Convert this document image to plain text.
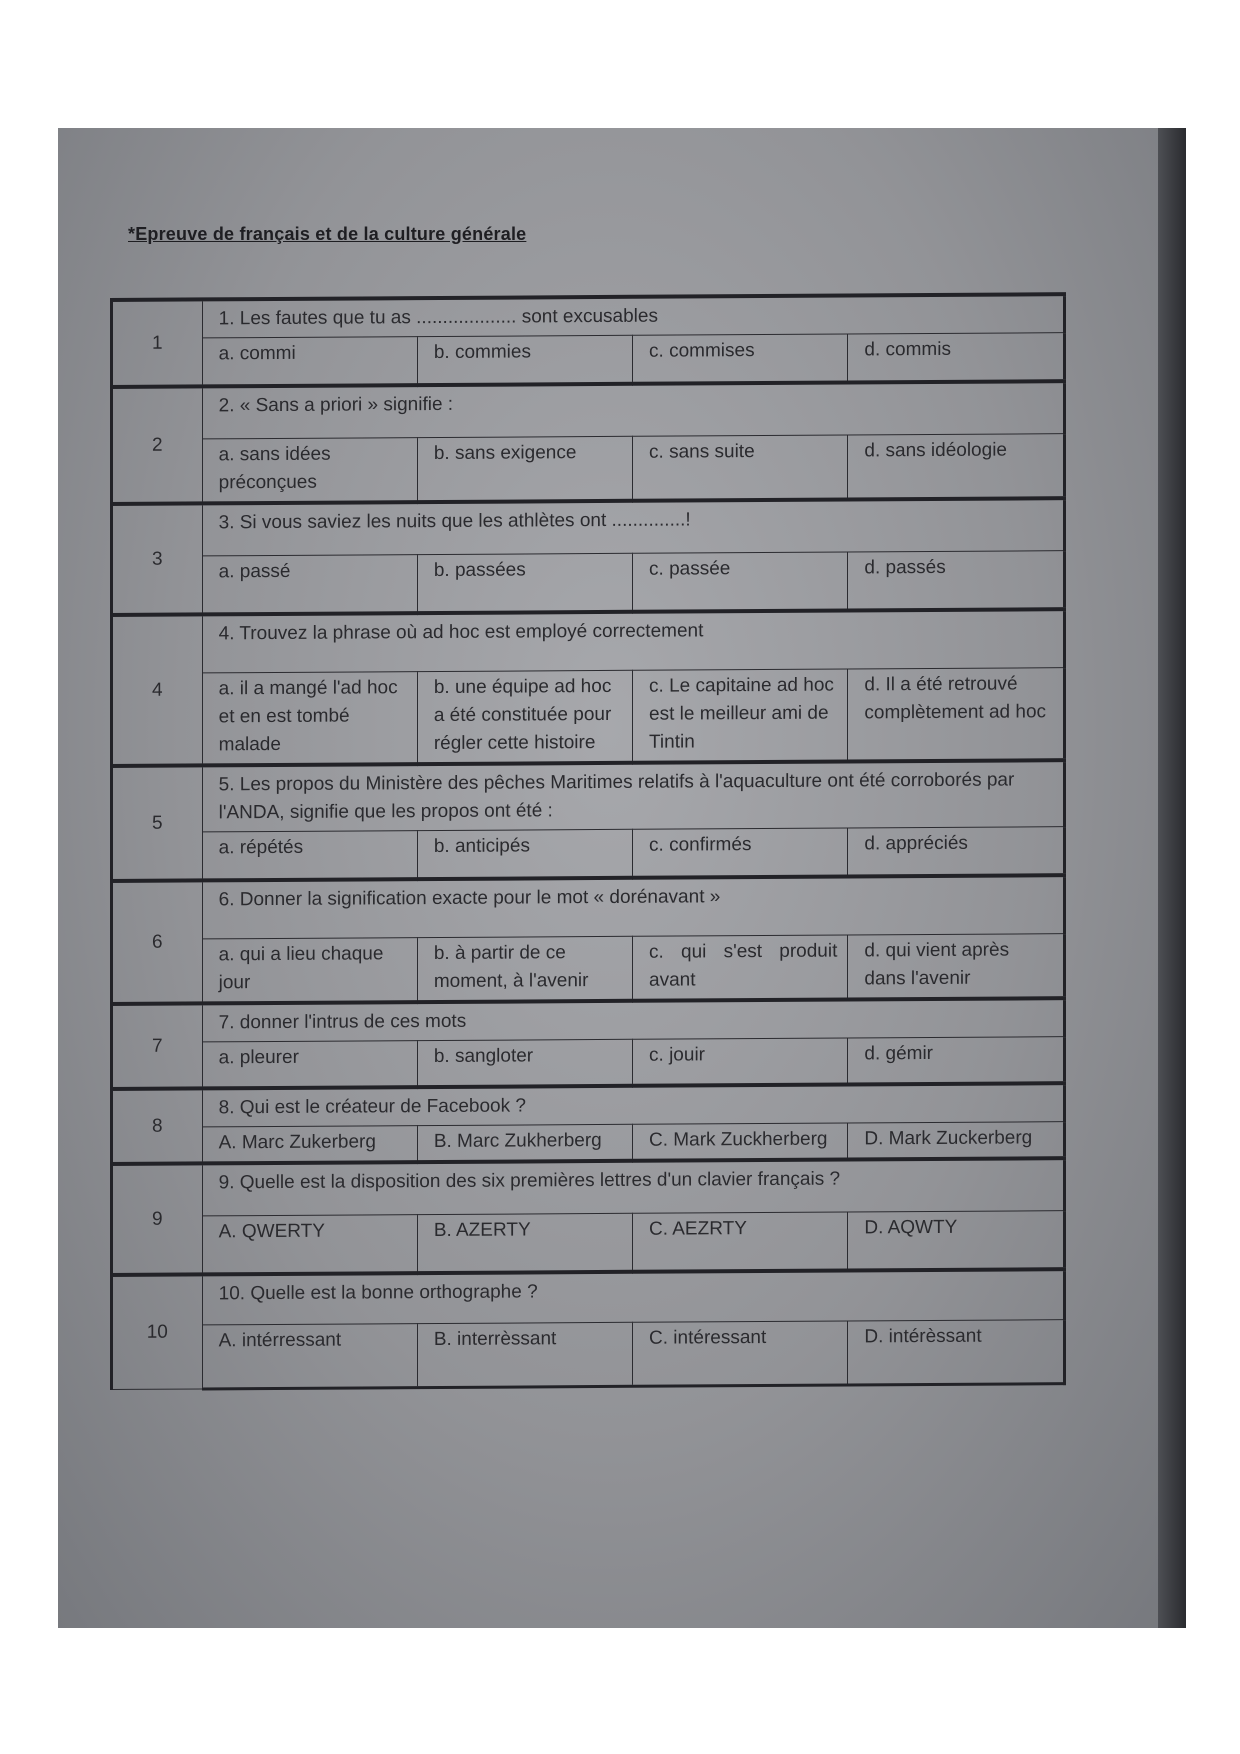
*Epreuve de français et de la culture générale
1	1. Les fautes que tu as ................... sont excusables			
	a. commi	b. commies	c. commises	d. commis
2	2. « Sans a priori » signifie :			
	a. sans idées préconçues	b. sans exigence	c. sans suite	d. sans idéologie
3	3. Si vous saviez les nuits que les athlètes ont ..............!			
	a. passé	b. passées	c. passée	d. passés
4	4. Trouvez la phrase où ad hoc est employé correctement			
	a. il a mangé l'ad hoc et en est tombé malade	b. une équipe ad hoc a été constituée pour régler cette histoire	c. Le capitaine ad hoc est le meilleur ami de Tintin	d. Il a été retrouvé complètement ad hoc
5	5. Les propos du Ministère des pêches Maritimes relatifs à l'aquaculture ont été corroborés par l'ANDA, signifie que les propos ont été :			
	a. répétés	b. anticipés	c. confirmés	d. appréciés
6	6. Donner la signification exacte pour le mot « dorénavant »			
	a. qui a lieu chaque jour	b. à partir de ce moment, à l'avenir	c. qui s'est produit avant	d. qui vient après dans l'avenir
7	7. donner l'intrus de ces mots			
	a. pleurer	b. sangloter	c. jouir	d. gémir
8	8. Qui est le créateur de Facebook ?			
	A. Marc Zukerberg	B. Marc Zukherberg	C. Mark Zuckherberg	D. Mark Zuckerberg
9	9. Quelle est la disposition des six premières lettres d'un clavier français ?			
	A. QWERTY	B. AZERTY	C. AEZRTY	D. AQWTY
10	10. Quelle est la bonne orthographe ?			
	A. intérressant	B. interrèssant	C. intéressant	D. intérèssant
